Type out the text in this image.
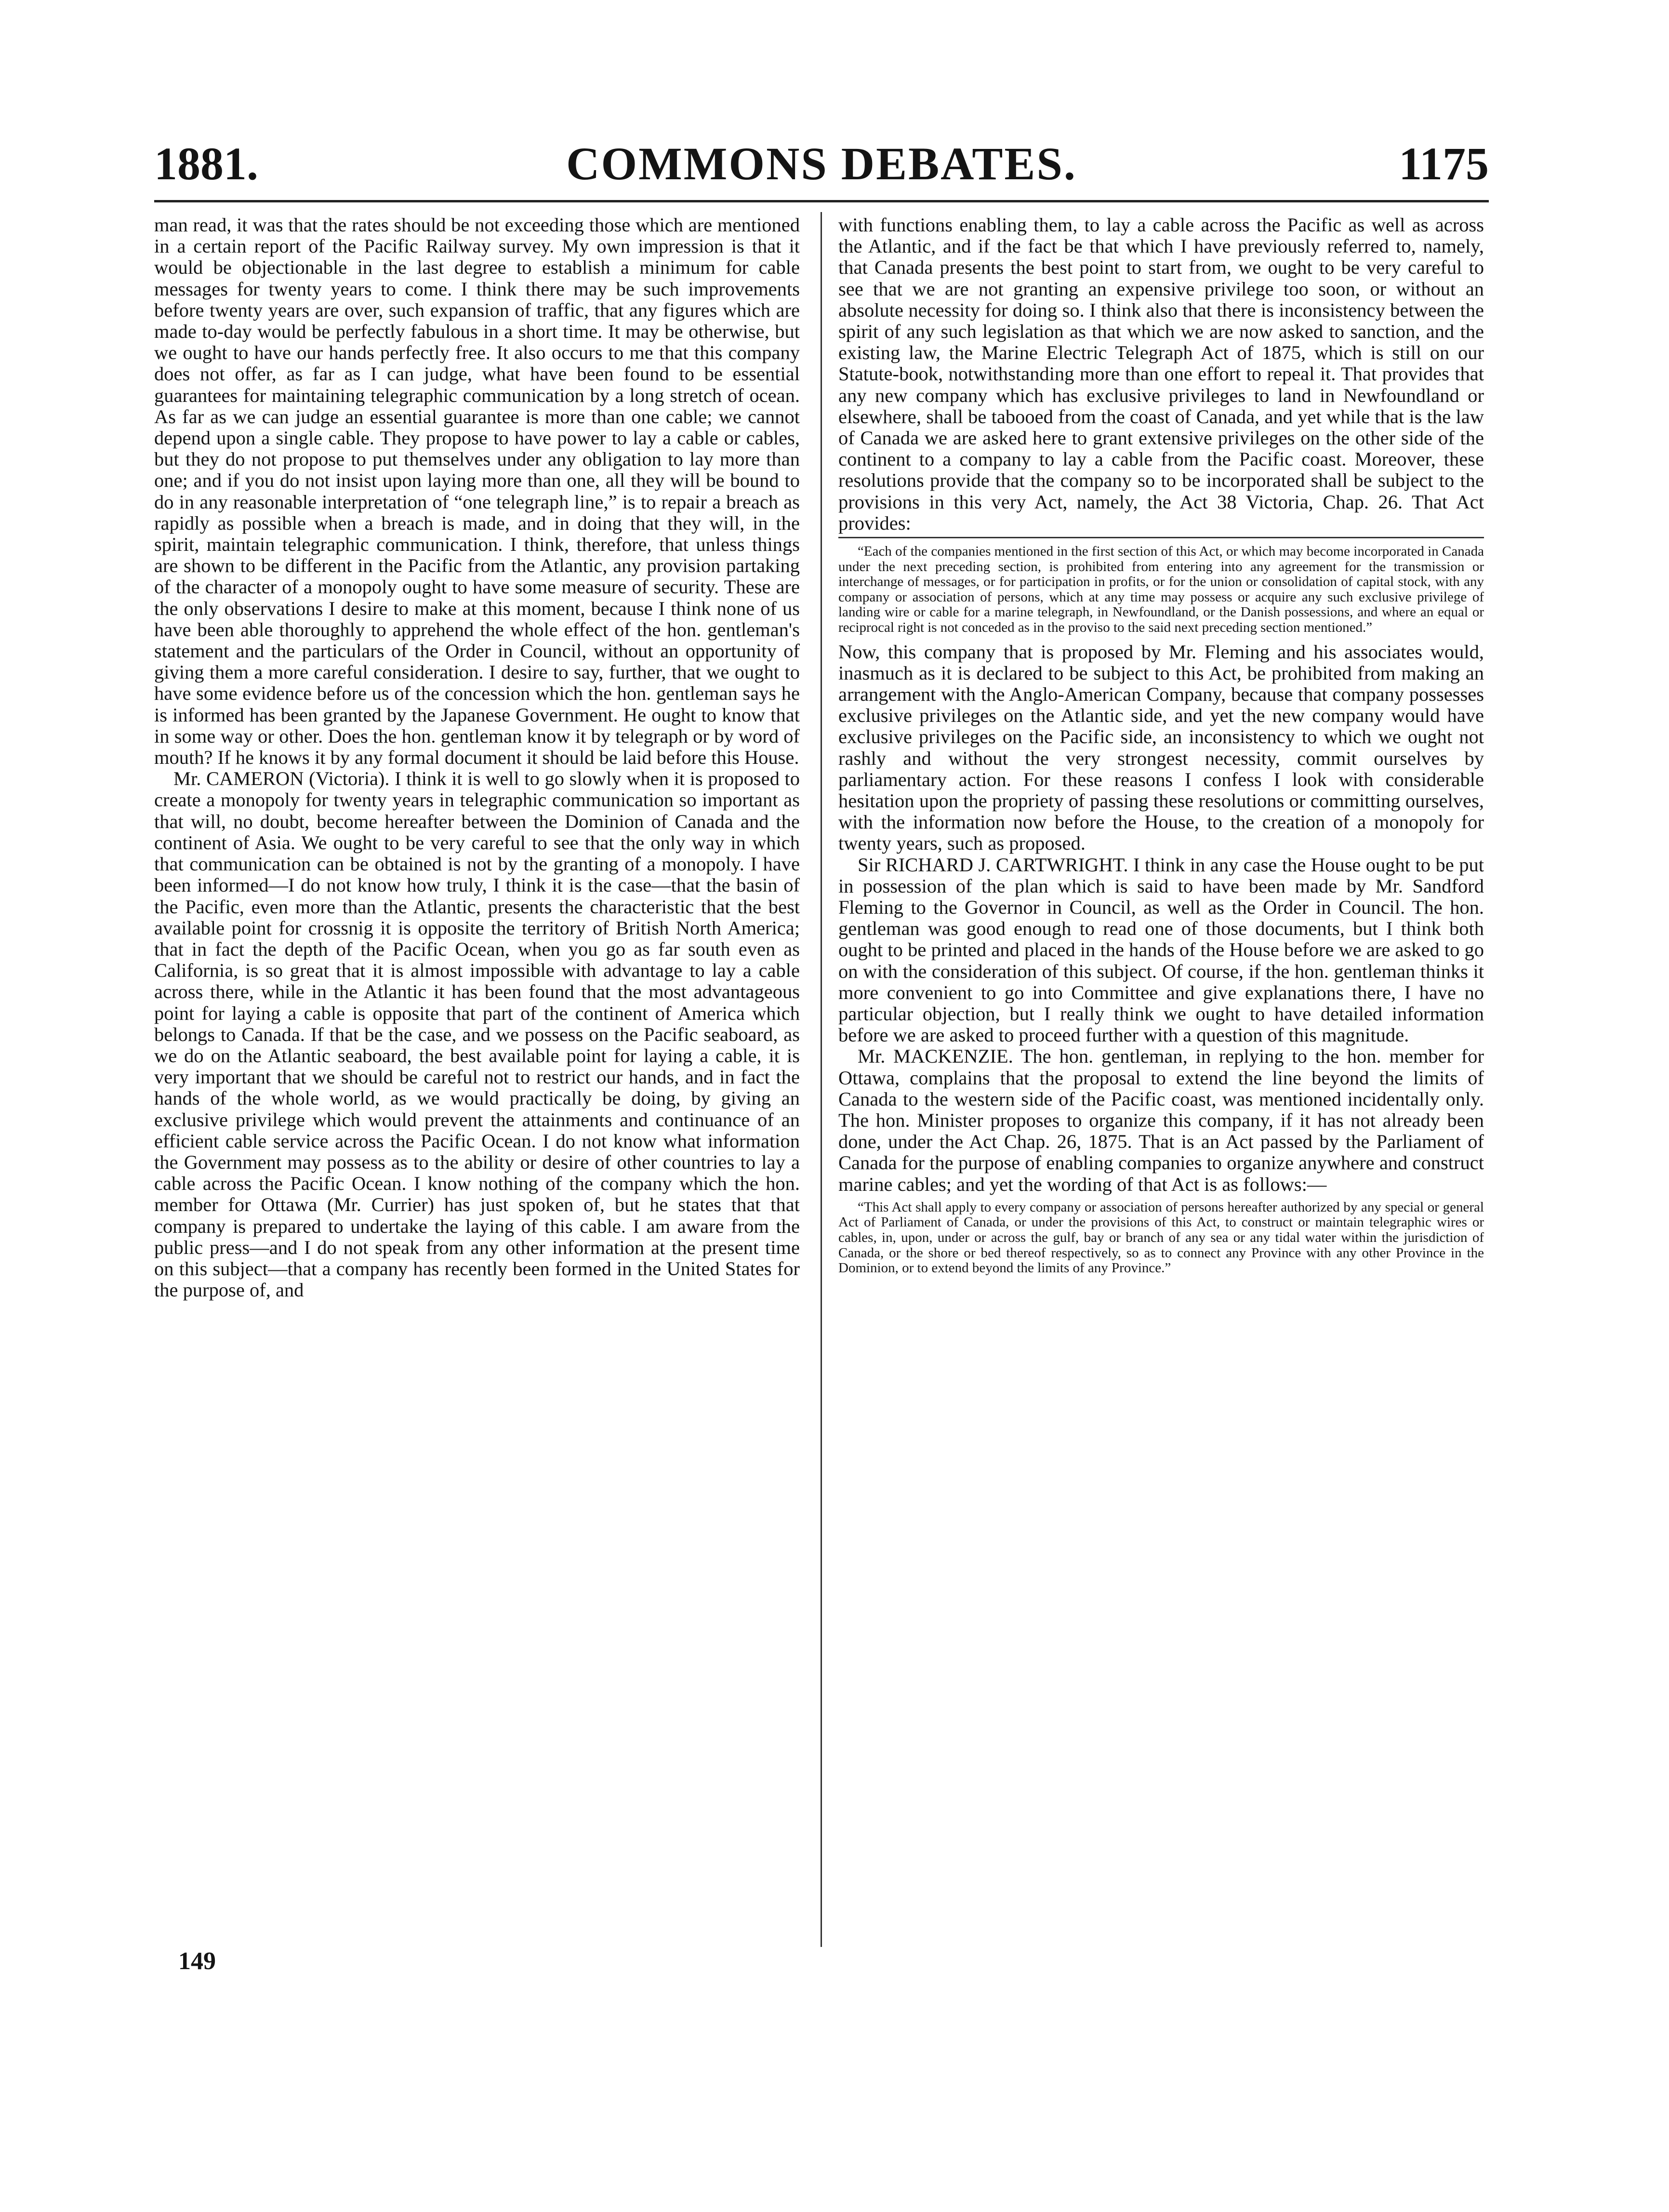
1881.	COMMONS DEBATES.	1175

man read, it was that the rates should be not exceeding those which are mentioned in a certain report of the Pacific Railway survey. My own impression is that it would be objectionable in the last degree to establish a minimum for cable messages for twenty years to come. I think there may be such improvements before twenty years are over, such expansion of traffic, that any figures which are made to-day would be perfectly fabulous in a short time. It may be otherwise, but we ought to have our hands perfectly free. It also occurs to me that this company does not offer, as far as I can judge, what have been found to be essential guarantees for maintaining telegraphic communication by a long stretch of ocean. As far as we can judge an essential guarantee is more than one cable; we cannot depend upon a single cable. They propose to have power to lay a cable or cables, but they do not propose to put themselves under any obligation to lay more than one; and if you do not insist upon laying more than one, all they will be bound to do in any reasonable interpretation of “one telegraph line,” is to repair a breach as rapidly as possible when a breach is made, and in doing that they will, in the spirit, maintain telegraphic communication. I think, therefore, that unless things are shown to be different in the Pacific from the Atlantic, any provision partaking of the character of a monopoly ought to have some measure of security. These are the only observations I desire to make at this moment, because I think none of us have been able thoroughly to apprehend the whole effect of the hon. gentleman's statement and the particulars of the Order in Council, without an opportunity of giving them a more careful consideration. I desire to say, further, that we ought to have some evidence before us of the concession which the hon. gentleman says he is informed has been granted by the Japanese Government. He ought to know that in some way or other. Does the hon. gentleman know it by telegraph or by word of mouth? If he knows it by any formal document it should be laid before this House.

Mr. CAMERON (Victoria). I think it is well to go slowly when it is proposed to create a monopoly for twenty years in telegraphic communication so important as that will, no doubt, become hereafter between the Dominion of Canada and the continent of Asia. We ought to be very careful to see that the only way in which that communication can be obtained is not by the granting of a monopoly. I have been informed—I do not know how truly, I think it is the case—that the basin of the Pacific, even more than the Atlantic, presents the characteristic that the best available point for crossnig it is opposite the territory of British North America; that in fact the depth of the Pacific Ocean, when you go as far south even as California, is so great that it is almost impossible with advantage to lay a cable across there, while in the Atlantic it has been found that the most advantageous point for laying a cable is opposite that part of the continent of America which belongs to Canada. If that be the case, and we possess on the Pacific seaboard, as we do on the Atlantic seaboard, the best available point for laying a cable, it is very important that we should be careful not to restrict our hands, and in fact the hands of the whole world, as we would practically be doing, by giving an exclusive privilege which would prevent the attainments and continuance of an efficient cable service across the Pacific Ocean. I do not know what information the Government may possess as to the ability or desire of other countries to lay a cable across the Pacific Ocean. I know nothing of the company which the hon. member for Ottawa (Mr. Currier) has just spoken of, but he states that that company is prepared to undertake the laying of this cable. I am aware from the public press—and I do not speak from any other information at the present time on this subject—that a company has recently been formed in the United States for the purpose of, and

with functions enabling them, to lay a cable across the Pacific as well as across the Atlantic, and if the fact be that which I have previously referred to, namely, that Canada presents the best point to start from, we ought to be very careful to see that we are not granting an expensive privilege too soon, or without an absolute necessity for doing so. I think also that there is inconsistency between the spirit of any such legislation as that which we are now asked to sanction, and the existing law, the Marine Electric Telegraph Act of 1875, which is still on our Statute-book, notwithstanding more than one effort to repeal it. That provides that any new company which has exclusive privileges to land in Newfoundland or elsewhere, shall be tabooed from the coast of Canada, and yet while that is the law of Canada we are asked here to grant extensive privileges on the other side of the continent to a company to lay a cable from the Pacific coast. Moreover, these resolutions provide that the company so to be incorporated shall be subject to the provisions in this very Act, namely, the Act 38 Victoria, Chap. 26. That Act provides:

“Each of the companies mentioned in the first section of this Act, or which may become incorporated in Canada under the next preceding section, is prohibited from entering into any agreement for the transmission or interchange of messages, or for participation in profits, or for the union or consolidation of capital stock, with any company or association of persons, which at any time may possess or acquire any such exclusive privilege of landing wire or cable for a marine telegraph, in Newfoundland, or the Danish possessions, and where an equal or reciprocal right is not conceded as in the proviso to the said next preceding section mentioned.”

Now, this company that is proposed by Mr. Fleming and his associates would, inasmuch as it is declared to be subject to this Act, be prohibited from making an arrangement with the Anglo-American Company, because that company possesses exclusive privileges on the Atlantic side, and yet the new company would have exclusive privileges on the Pacific side, an inconsistency to which we ought not rashly and without the very strongest necessity, commit ourselves by parliamentary action. For these reasons I confess I look with considerable hesitation upon the propriety of passing these resolutions or committing ourselves, with the information now before the House, to the creation of a monopoly for twenty years, such as proposed.

Sir RICHARD J. CARTWRIGHT. I think in any case the House ought to be put in possession of the plan which is said to have been made by Mr. Sandford Fleming to the Governor in Council, as well as the Order in Council. The hon. gentleman was good enough to read one of those documents, but I think both ought to be printed and placed in the hands of the House before we are asked to go on with the consideration of this subject. Of course, if the hon. gentleman thinks it more convenient to go into Committee and give explanations there, I have no particular objection, but I really think we ought to have detailed information before we are asked to proceed further with a question of this magnitude.

Mr. MACKENZIE. The hon. gentleman, in replying to the hon. member for Ottawa, complains that the proposal to extend the line beyond the limits of Canada to the western side of the Pacific coast, was mentioned incidentally only. The hon. Minister proposes to organize this company, if it has not already been done, under the Act Chap. 26, 1875. That is an Act passed by the Parliament of Canada for the purpose of enabling companies to organize anywhere and construct marine cables; and yet the wording of that Act is as follows:—

“This Act shall apply to every company or association of persons hereafter authorized by any special or general Act of Parliament of Canada, or under the provisions of this Act, to construct or maintain telegraphic wires or cables, in, upon, under or across the gulf, bay or branch of any sea or any tidal water within the jurisdiction of Canada, or the shore or bed thereof respectively, so as to connect any Province with any other Province in the Dominion, or to extend beyond the limits of any Province.”

149
